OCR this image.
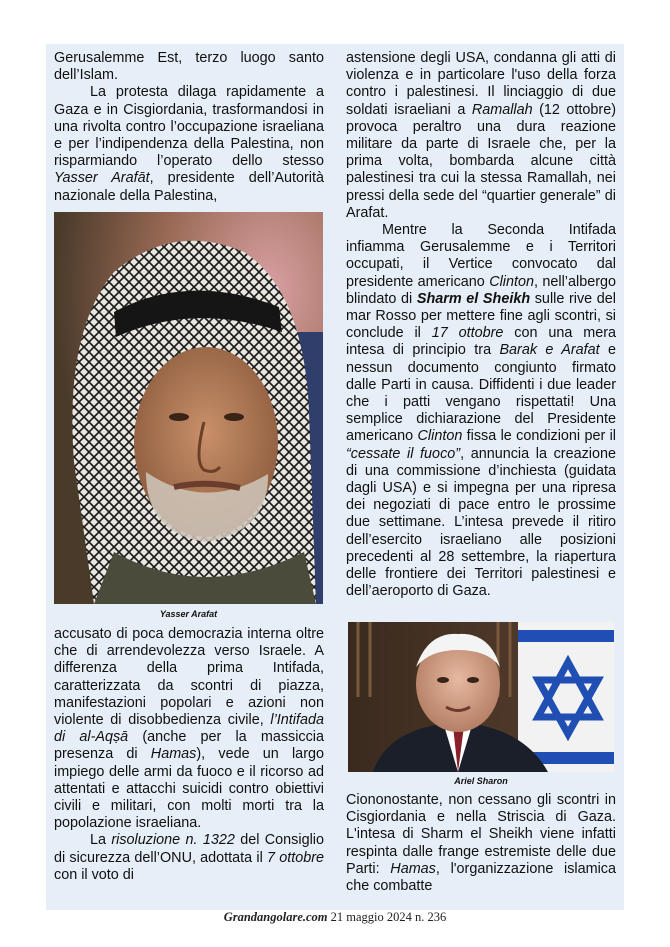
Gerusalemme Est, terzo luogo santo dell’Islam.

La protesta dilaga rapidamente a Gaza e in Cisgiordania, trasformandosi in una rivolta contro l’occupazione israeliana e per l’indipendenza della Palestina, non risparmiando l’operato dello stesso Yasser Arafāt, presidente dell’Autorità nazionale della Palestina,

Yasser Arafat

accusato di poca democrazia interna oltre che di arrendevolezza verso Israele. A differenza della prima Intifada, caratterizzata da scontri di piazza, manifestazioni popolari e azioni non violente di disobbedienza civile, l’Intifada di al-Aqṣā (anche per la massiccia presenza di Hamas), vede un largo impiego delle armi da fuoco e il ricorso ad attentati e attacchi suicidi contro obiettivi civili e militari, con molti morti tra la popolazione israeliana.

La risoluzione n. 1322 del Consiglio di sicurezza dell’ONU, adottata il 7 ottobre con il voto di

astensione degli USA, condanna gli atti di violenza e in particolare l'uso della forza contro i palestinesi. Il linciaggio di due soldati israeliani a Ramallah (12 ottobre) provoca peraltro una dura reazione militare da parte di Israele che, per la prima volta, bombarda alcune città palestinesi tra cui la stessa Ramallah, nei pressi della sede del “quartier generale” di Arafat.

Mentre la Seconda Intifada infiamma Gerusalemme e i Territori occupati, il Vertice convocato dal presidente americano Clinton, nell’albergo blindato di Sharm el Sheikh sulle rive del mar Rosso per mettere fine agli scontri, si conclude il 17 ottobre con una mera intesa di principio tra Barak e Arafat e nessun documento congiunto firmato dalle Parti in causa. Diffidenti i due leader che i patti vengano rispettati! Una semplice dichiarazione del Presidente americano Clinton fissa le condizioni per il “cessate il fuoco”, annuncia la creazione di una commissione d’inchiesta (guidata dagli USA) e si impegna per una ripresa dei negoziati di pace entro le prossime due settimane. L’intesa prevede il ritiro dell’esercito israeliano alle posizioni precedenti al 28 settembre, la riapertura delle frontiere dei Territori palestinesi e dell’aeroporto di Gaza.

Ariel Sharon

Ciononostante, non cessano gli scontri in Cisgiordania e nella Striscia di Gaza. L'intesa di Sharm el Sheikh viene infatti respinta dalle frange estremiste delle due Parti: Hamas, l'organizzazione islamica che combatte

Grandangolare.com 21 maggio 2024 n. 236
